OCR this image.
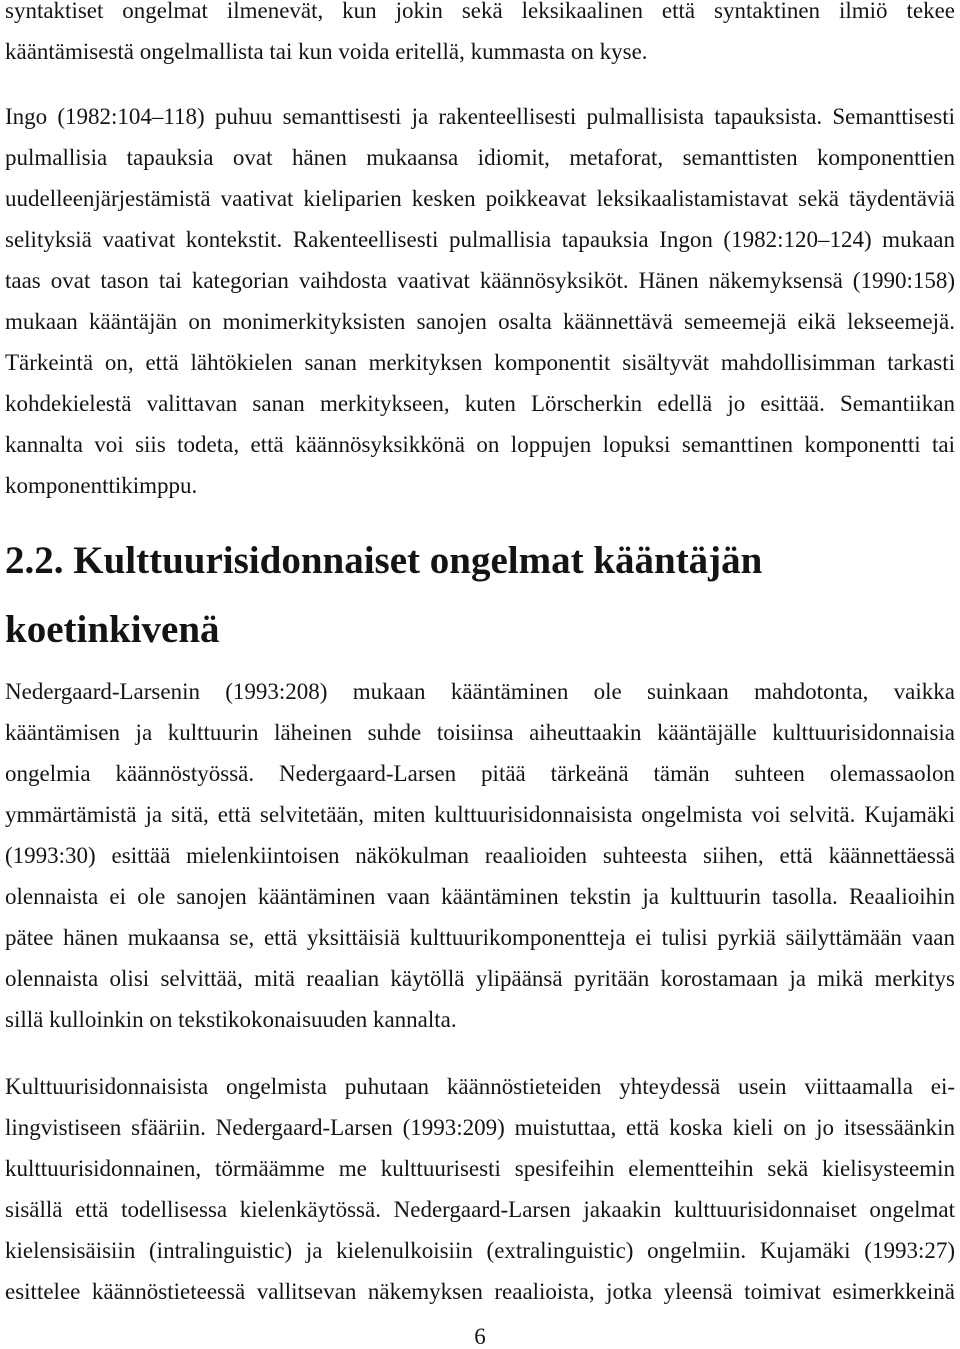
syntaktiset ongelmat ilmenevät, kun jokin sekä leksikaalinen että syntaktinen ilmiö tekee
kääntämisestä ongelmallista tai kun voida eritellä, kummasta on kyse.
Ingo (1982:104–118) puhuu semanttisesti ja rakenteellisesti pulmallisista tapauksista. Semanttisesti
pulmallisia tapauksia ovat hänen mukaansa idiomit, metaforat, semanttisten komponenttien
uudelleenjärjestämistä vaativat kieliparien kesken poikkeavat leksikaalistamistavat sekä täydentäviä
selityksiä vaativat kontekstit. Rakenteellisesti pulmallisia tapauksia Ingon (1982:120–124) mukaan
taas ovat tason tai kategorian vaihdosta vaativat käännösyksiköt. Hänen näkemyksensä (1990:158)
mukaan kääntäjän on monimerkityksisten sanojen osalta käännettävä semeemejä eikä lekseemejä.
Tärkeintä on, että lähtökielen sanan merkityksen komponentit sisältyvät mahdollisimman tarkasti
kohdekielestä valittavan sanan merkitykseen, kuten Lörscherkin edellä jo esittää. Semantiikan
kannalta voi siis todeta, että käännösyksikkönä on loppujen lopuksi semanttinen komponentti tai
komponenttikimppu.
2.2. Kulttuurisidonnaiset ongelmat kääntäjän
koetinkivenä
Nedergaard-Larsenin (1993:208) mukaan kääntäminen ole suinkaan mahdotonta, vaikka
kääntämisen ja kulttuurin läheinen suhde toisiinsa aiheuttaakin kääntäjälle kulttuurisidonnaisia
ongelmia käännöstyössä. Nedergaard-Larsen pitää tärkeänä tämän suhteen olemassaolon
ymmärtämistä ja sitä, että selvitetään, miten kulttuurisidonnaisista ongelmista voi selvitä. Kujamäki
(1993:30) esittää mielenkiintoisen näkökulman reaalioiden suhteesta siihen, että käännettäessä
olennaista ei ole sanojen kääntäminen vaan kääntäminen tekstin ja kulttuurin tasolla. Reaalioihin
pätee hänen mukaansa se, että yksittäisiä kulttuurikomponentteja ei tulisi pyrkiä säilyttämään vaan
olennaista olisi selvittää, mitä reaalian käytöllä ylipäänsä pyritään korostamaan ja mikä merkitys
sillä kulloinkin on tekstikokonaisuuden kannalta.
Kulttuurisidonnaisista ongelmista puhutaan käännöstieteiden yhteydessä usein viittaamalla ei-
lingvistiseen sfääriin. Nedergaard-Larsen (1993:209) muistuttaa, että koska kieli on jo itsessäänkin
kulttuurisidonnainen, törmäämme me kulttuurisesti spesifeihin elementteihin sekä kielisysteemin
sisällä että todellisessa kielenkäytössä. Nedergaard-Larsen jakaakin kulttuurisidonnaiset ongelmat
kielensisäisiin (intralinguistic) ja kielenulkoisiin (extralinguistic) ongelmiin. Kujamäki (1993:27)
esittelee käännöstieteessä vallitsevan näkemyksen reaalioista, jotka yleensä toimivat esimerkkeinä
6
